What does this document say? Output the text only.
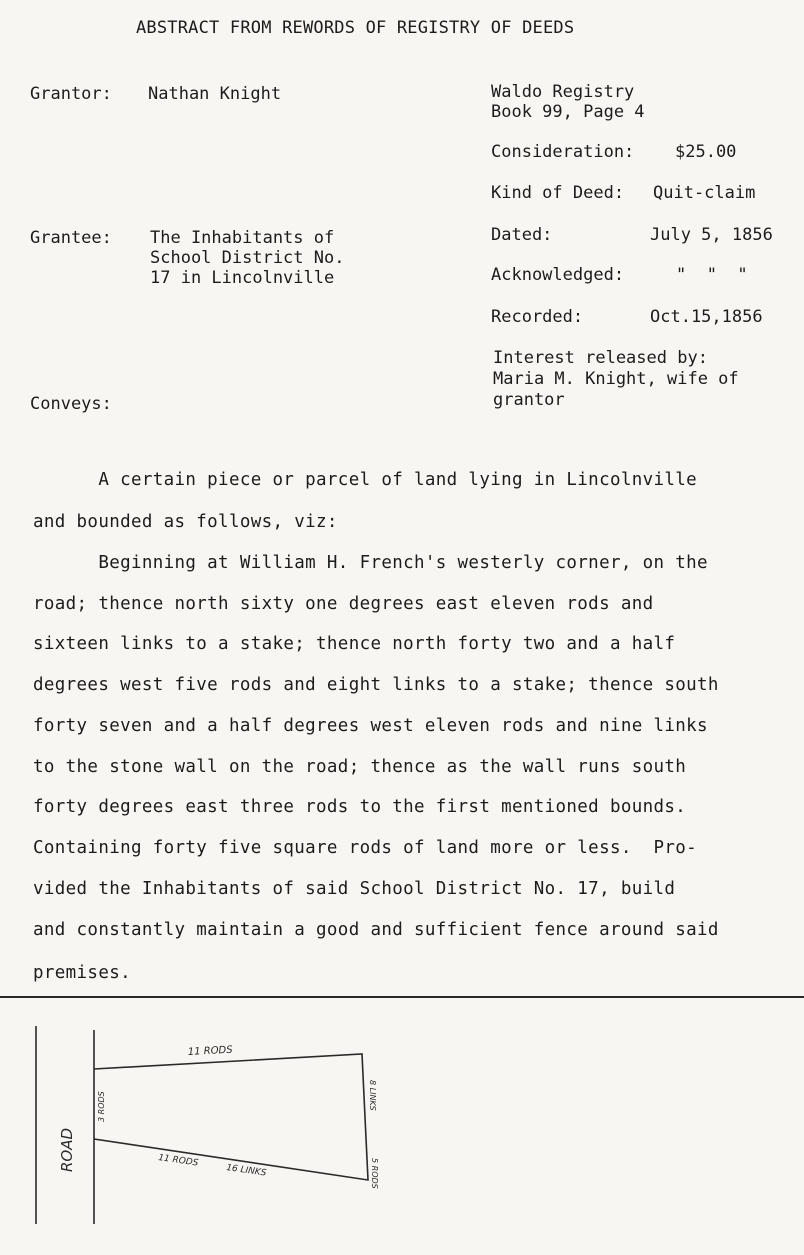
ABSTRACT FROM REWORDS OF REGISTRY OF DEEDS
Grantor: Nathan Knight
Grantee: The Inhabitants of
School District No.
17 in Lincolnville
Conveys:
Waldo Registry
Book 99, Page 4
Consideration: $25.00
Kind of Deed: Quit-claim
Dated:	July 5, 1856
Acknowledged:	"  "  "
Recorded:	Oct.15,1856
Interest released by:
Maria M. Knight, wife of
grantor
A certain piece or parcel of land lying in Lincolnville
and bounded as follows, viz:
Beginning at William H. French's westerly corner, on the
road; thence north sixty one degrees east eleven rods and
sixteen links to a stake; thence north forty two and a half
degrees west five rods and eight links to a stake; thence south
forty seven and a half degrees west eleven rods and nine links
to the stone wall on the road; thence as the wall runs south
forty degrees east three rods to the first mentioned bounds.
Containing forty five square rods of land more or less.  Pro-
vided the Inhabitants of said School District No. 17, build
and constantly maintain a good and sufficient fence around said
premises.
ROAD
11 RODS
3 RODS	8 LINKS
5 RODS
11 RODS
16 LINKS
